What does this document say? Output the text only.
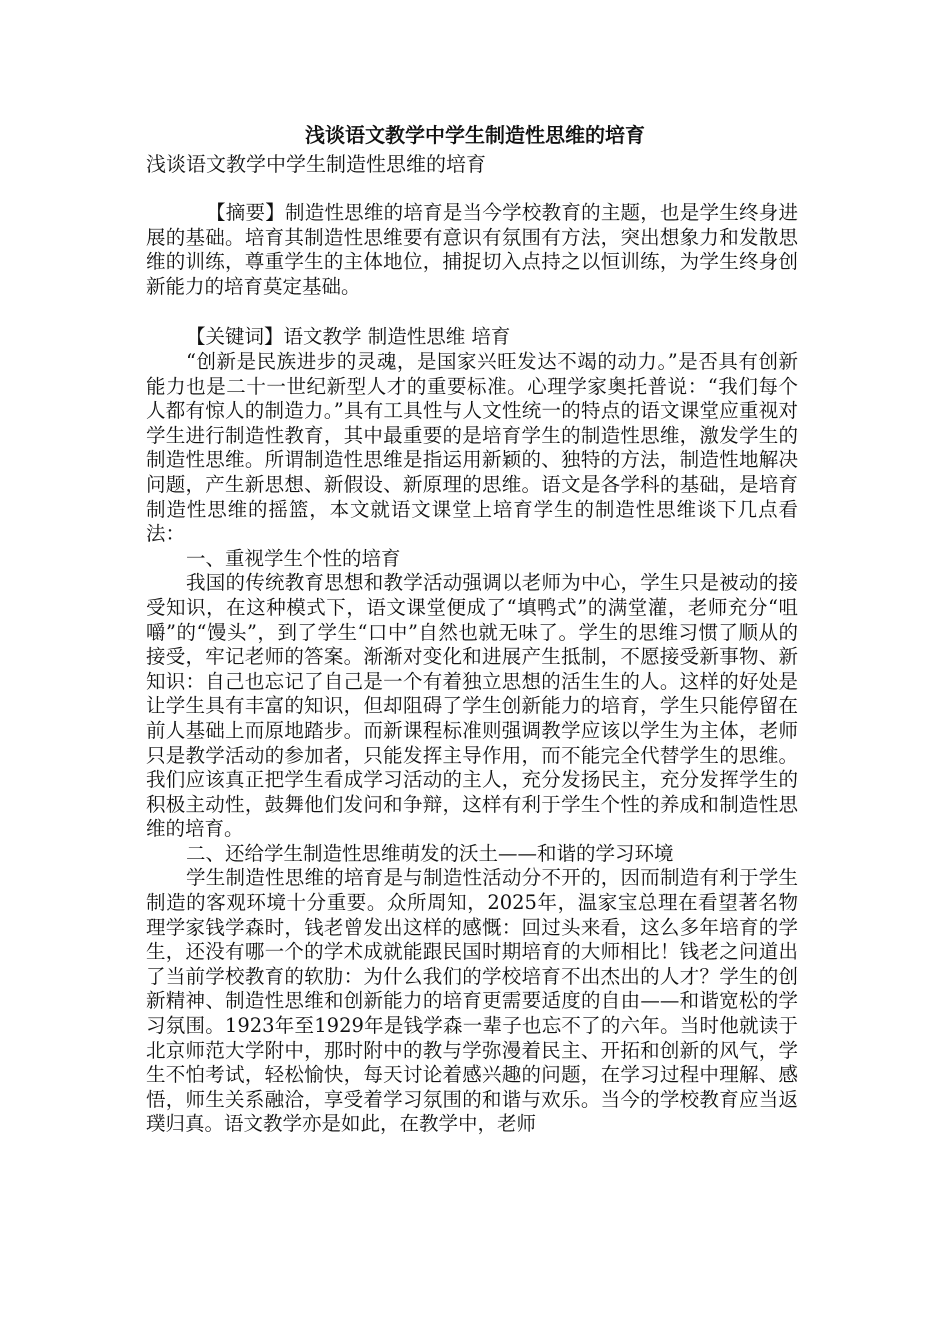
浅谈语文教学中学生制造性思维的培育

浅谈语文教学中学生制造性思维的培育

【摘要】制造性思维的培育是当今学校教育的主题，也是学生终身进展的基础。培育其制造性思维要有意识有氛围有方法，突出想象力和发散思维的训练，尊重学生的主体地位，捕捉切入点持之以恒训练，为学生终身创新能力的培育莫定基础。

【关键词】语文教学 制造性思维 培育

“创新是民族进步的灵魂，是国家兴旺发达不竭的动力。”是否具有创新能力也是二十一世纪新型人才的重要标准。心理学家奥托普说：“我们每个人都有惊人的制造力。”具有工具性与人文性统一的特点的语文课堂应重视对学生进行制造性教育，其中最重要的是培育学生的制造性思维，激发学生的制造性思维。所谓制造性思维是指运用新颖的、独特的方法，制造性地解决问题，产生新思想、新假设、新原理的思维。语文是各学科的基础，是培育制造性思维的摇篮，本文就语文课堂上培育学生的制造性思维谈下几点看法：

一、重视学生个性的培育

我国的传统教育思想和教学活动强调以老师为中心，学生只是被动的接受知识，在这种模式下，语文课堂便成了“填鸭式”的满堂灌，老师充分“咀嚼”的“馒头”，到了学生“口中”自然也就无味了。学生的思维习惯了顺从的接受，牢记老师的答案。渐渐对变化和进展产生抵制，不愿接受新事物、新知识：自己也忘记了自己是一个有着独立思想的活生生的人。这样的好处是让学生具有丰富的知识，但却阻碍了学生创新能力的培育，学生只能停留在前人基础上而原地踏步。而新课程标准则强调教学应该以学生为主体，老师只是教学活动的参加者，只能发挥主导作用，而不能完全代替学生的思维。我们应该真正把学生看成学习活动的主人，充分发扬民主，充分发挥学生的积极主动性，鼓舞他们发问和争辩，这样有利于学生个性的养成和制造性思维的培育。

二、还给学生制造性思维萌发的沃土——和谐的学习环境

学生制造性思维的培育是与制造性活动分不开的，因而制造有利于学生制造的客观环境十分重要。众所周知，2025年，温家宝总理在看望著名物理学家钱学森时，钱老曾发出这样的感慨：回过头来看，这么多年培育的学生，还没有哪一个的学术成就能跟民国时期培育的大师相比！钱老之问道出了当前学校教育的软肋：为什么我们的学校培育不出杰出的人才？学生的创新精神、制造性思维和创新能力的培育更需要适度的自由——和谐宽松的学习氛围。1923年至1929年是钱学森一辈子也忘不了的六年。当时他就读于北京师范大学附中，那时附中的教与学弥漫着民主、开拓和创新的风气，学生不怕考试，轻松愉快，每天讨论着感兴趣的问题，在学习过程中理解、感悟，师生关系融洽，享受着学习氛围的和谐与欢乐。当今的学校教育应当返璞归真。语文教学亦是如此，在教学中，老师
